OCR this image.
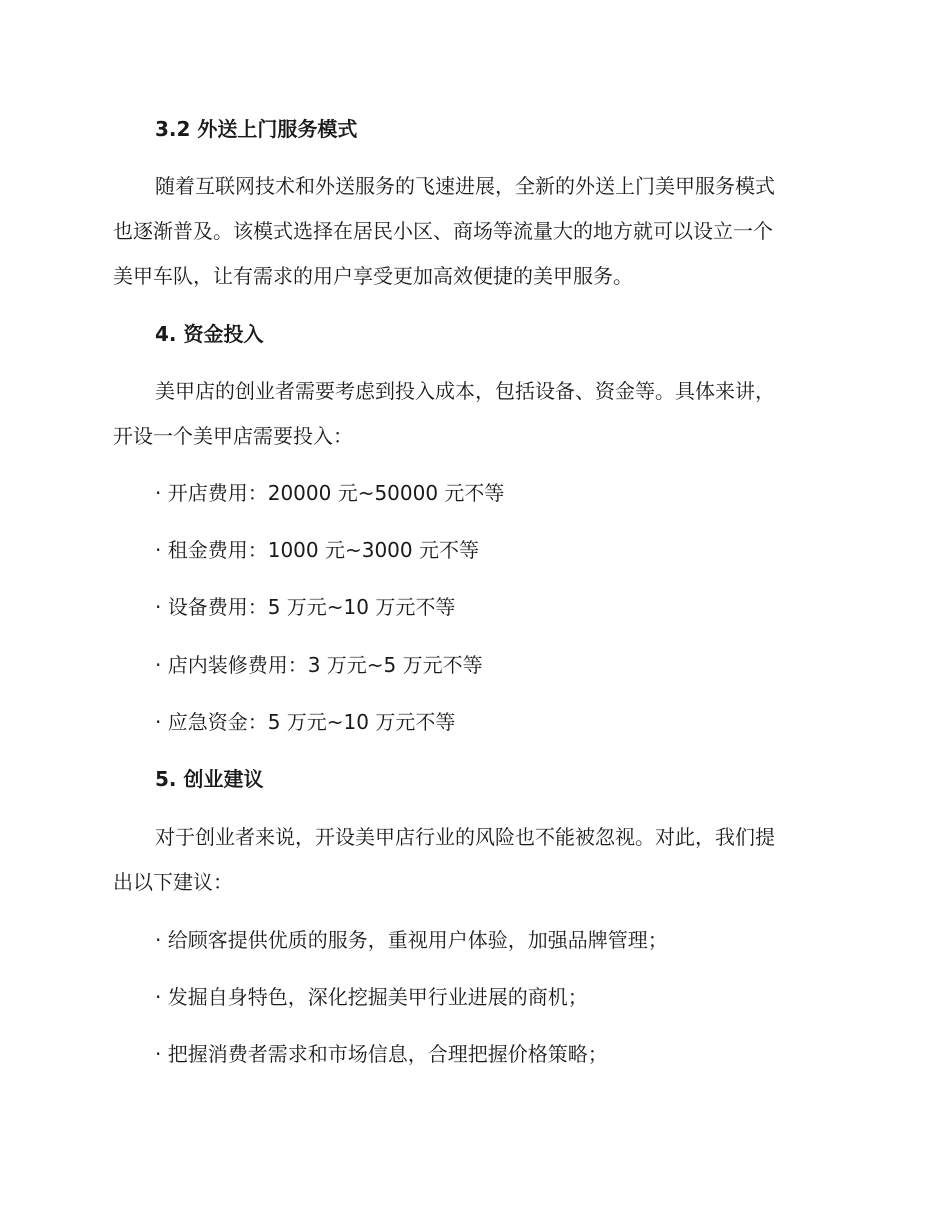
3.2 外送上门服务模式

随着互联网技术和外送服务的飞速进展，全新的外送上门美甲服务模式

也逐渐普及。该模式选择在居民小区、商场等流量大的地方就可以设立一个

美甲车队，让有需求的用户享受更加高效便捷的美甲服务。

4. 资金投入

美甲店的创业者需要考虑到投入成本，包括设备、资金等。具体来讲，

开设一个美甲店需要投入：

· 开店费用：20000 元~50000 元不等

· 租金费用：1000 元~3000 元不等

· 设备费用：5 万元~10 万元不等

· 店内装修费用：3 万元~5 万元不等

· 应急资金：5 万元~10 万元不等

5. 创业建议

对于创业者来说，开设美甲店行业的风险也不能被忽视。对此，我们提

出以下建议：

· 给顾客提供优质的服务，重视用户体验，加强品牌管理；

· 发掘自身特色，深化挖掘美甲行业进展的商机；

· 把握消费者需求和市场信息，合理把握价格策略；
